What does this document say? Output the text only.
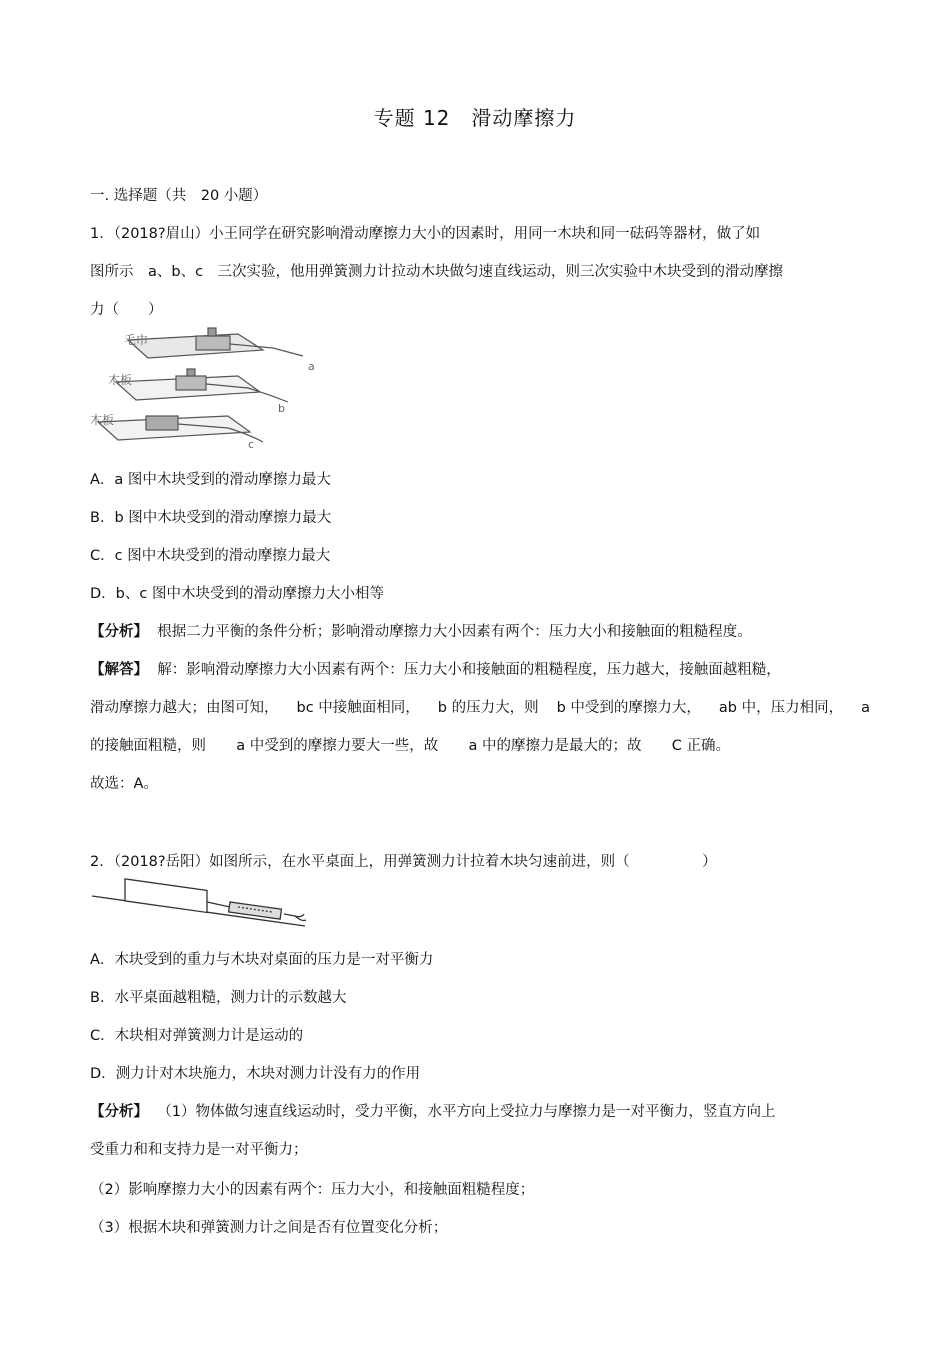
专题 12　滑动摩擦力
一. 选择题（共　20 小题）
1．（2018?眉山）小王同学在研究影响滑动摩擦力大小的因素时，用同一木块和同一砝码等器材，做了如
图所示　a、b、c　三次实验，他用弹簧测力计拉动木块做匀速直线运动，则三次实验中木块受到的滑动摩擦
力（　　）
毛巾
木板
木板
a
b
c
A．a 图中木块受到的滑动摩擦力最大
B．b 图中木块受到的滑动摩擦力最大
C．c 图中木块受到的滑动摩擦力最大
D．b、c 图中木块受到的滑动摩擦力大小相等
【分析】 根据二力平衡的条件分析；影响滑动摩擦力大小因素有两个：压力大小和接触面的粗糙程度。
【解答】 解：影响滑动摩擦力大小因素有两个：压力大小和接触面的粗糙程度，压力越大，接触面越粗糙，
滑动摩擦力越大；由图可知， bc 中接触面相同， b 的压力大，则 b 中受到的摩擦力大， ab 中，压力相同， a
的接触面粗糙，则 a 中受到的摩擦力要大一些，故 a 中的摩擦力是最大的；故 C 正确。
故选：A。
2．（2018?岳阳）如图所示，在水平桌面上，用弹簧测力计拉着木块匀速前进，则（　　　　　）
A．木块受到的重力与木块对桌面的压力是一对平衡力
B．水平桌面越粗糙，测力计的示数越大
C．木块相对弹簧测力计是运动的
D．测力计对木块施力，木块对测力计没有力的作用
【分析】 （1）物体做匀速直线运动时，受力平衡，水平方向上受拉力与摩擦力是一对平衡力，竖直方向上
受重力和和支持力是一对平衡力；
（2）影响摩擦力大小的因素有两个：压力大小，和接触面粗糙程度；
（3）根据木块和弹簧测力计之间是否有位置变化分析；
